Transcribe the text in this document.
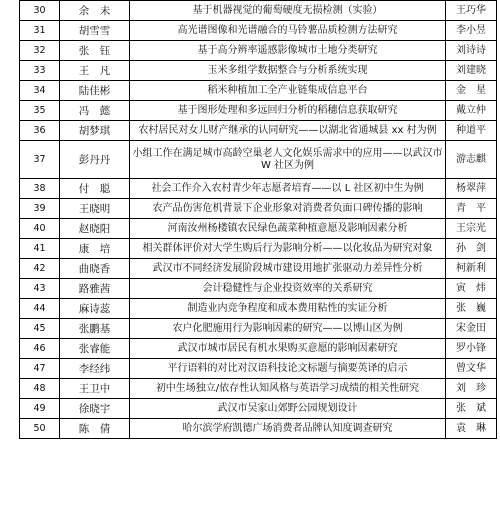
30	余　未	基于机器视觉的葡萄硬度无损检测（实验）	王巧华
31	胡雪雪	高光谱图像和光谱融合的马铃薯品质检测方法研究	李小昱
32	张　钰	基于高分辨率遥感影像城市土地分类研究	刘诗诗
33	王　凡	玉米多组学数据整合与分析系统实现	刘建晓
34	陆佳彬	稻米种植加工全产业链集成信息平台	金　星
35	冯　懿	基于图形处理和多远回归分析的稻穗信息获取研究	戴立仲
36	胡梦琪	农村居民对女儿财产继承的认同研究——以湖北省通城县 xx 村为例	种道平
37	彭丹丹	小组工作在满足城市高龄空巢老人文化娱乐需求中的应用——以武汉市 W 社区为例	游志麒
38	付　聪	社会工作介入农村青少年志愿者培育——以 L 社区初中生为例	杨翠萍
39	王晓明	农产品伤害危机背景下企业形象对消费者负面口碑传播的影响	青　平
40	赵晓阳	河南汝州杨楼镇农民绿色蔬菜种植意愿及影响因素分析	王宗光
41	康　培	相关群体评价对大学生购后行为影响分析——以化妆品为研究对象	孙　剑
42	曲晓香	武汉市不同经济发展阶段城市建设用地扩张驱动力差异性分析	柯新利
43	路雅茜	会计稳健性与企业投资效率的关系研究	寅　炜
44	麻诗蕊	制造业内竞争程度和成本费用粘性的实证分析	张　巍
45	张鹏基	农户化肥施用行为影响因素的研究——以博山区为例	宋金田
46	张睿能	武汉市城市居民有机水果购买意愿的影响因素研究	罗小锋
47	李经纬	平行语料的对比对汉语科技论文标题与摘要英译的启示	曾文华
48	王卫中	初中生场独立/依存性认知风格与英语学习成绩的相关性研究	刘　珍
49	徐晓宇	武汉市吴家山郊野公园规划设计	张　斌
50	陈　倩	哈尔滨学府凯德广场消费者品牌认知度调查研究	袁　琳
